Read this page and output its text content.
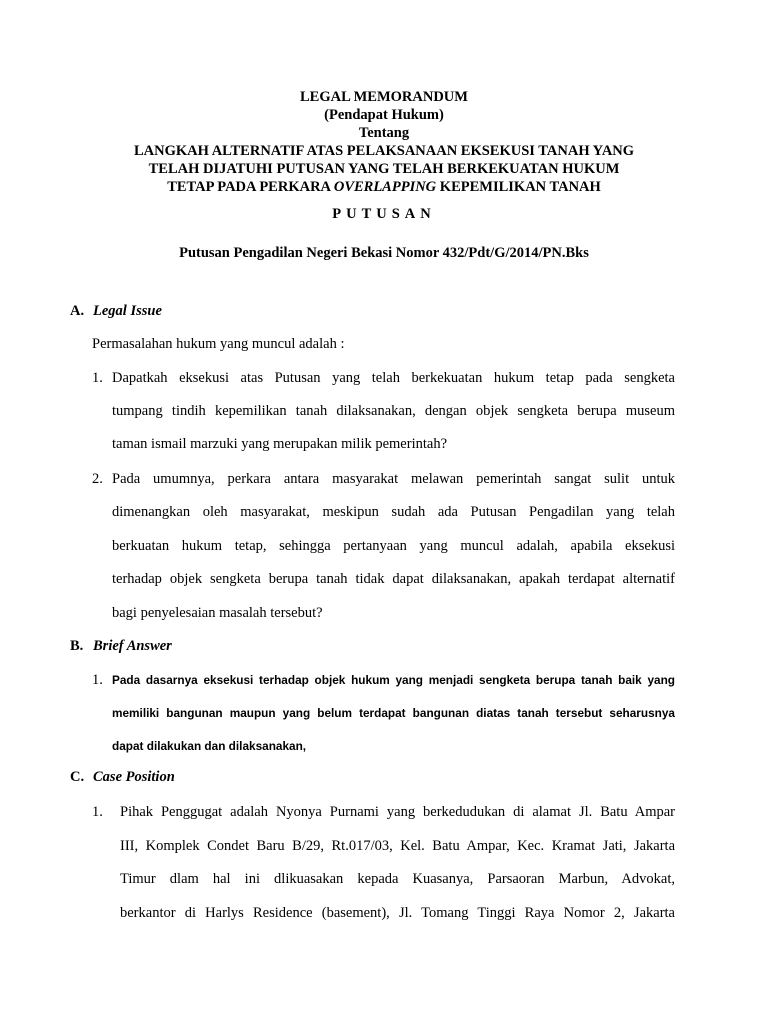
LEGAL MEMORANDUM
(Pendapat Hukum)
Tentang
LANGKAH ALTERNATIF ATAS PELAKSANAAN EKSEKUSI TANAH YANG
TELAH DIJATUHI PUTUSAN YANG TELAH BERKEKUATAN HUKUM
TETAP PADA PERKARA OVERLAPPING KEPEMILIKAN TANAH
PUTUSAN
Putusan Pengadilan Negeri Bekasi Nomor 432/Pdt/G/2014/PN.Bks
A. Legal Issue
Permasalahan hukum yang muncul adalah :
1. Dapatkah eksekusi atas Putusan yang telah berkekuatan hukum tetap pada sengketa
tumpang tindih kepemilikan tanah dilaksanakan, dengan objek sengketa berupa museum
taman ismail marzuki yang merupakan milik pemerintah?
2. Pada umumnya, perkara antara masyarakat melawan pemerintah sangat sulit untuk
dimenangkan oleh masyarakat, meskipun sudah ada Putusan Pengadilan yang telah
berkuatan hukum tetap, sehingga pertanyaan yang muncul adalah, apabila eksekusi
terhadap objek sengketa berupa tanah tidak dapat dilaksanakan, apakah terdapat alternatif
bagi penyelesaian masalah tersebut?
B. Brief Answer
1. Pada dasarnya eksekusi terhadap objek hukum yang menjadi sengketa berupa tanah baik yang
memiliki bangunan maupun yang belum terdapat bangunan diatas tanah tersebut seharusnya
dapat dilakukan dan dilaksanakan,
C. Case Position
1. Pihak Penggugat adalah Nyonya Purnami yang berkedudukan di alamat Jl. Batu Ampar
III, Komplek Condet Baru B/29, Rt.017/03, Kel. Batu Ampar, Kec. Kramat Jati, Jakarta
Timur dlam hal ini dlikuasakan kepada Kuasanya, Parsaoran Marbun, Advokat,
berkantor di Harlys Residence (basement), Jl. Tomang Tinggi Raya Nomor 2, Jakarta
